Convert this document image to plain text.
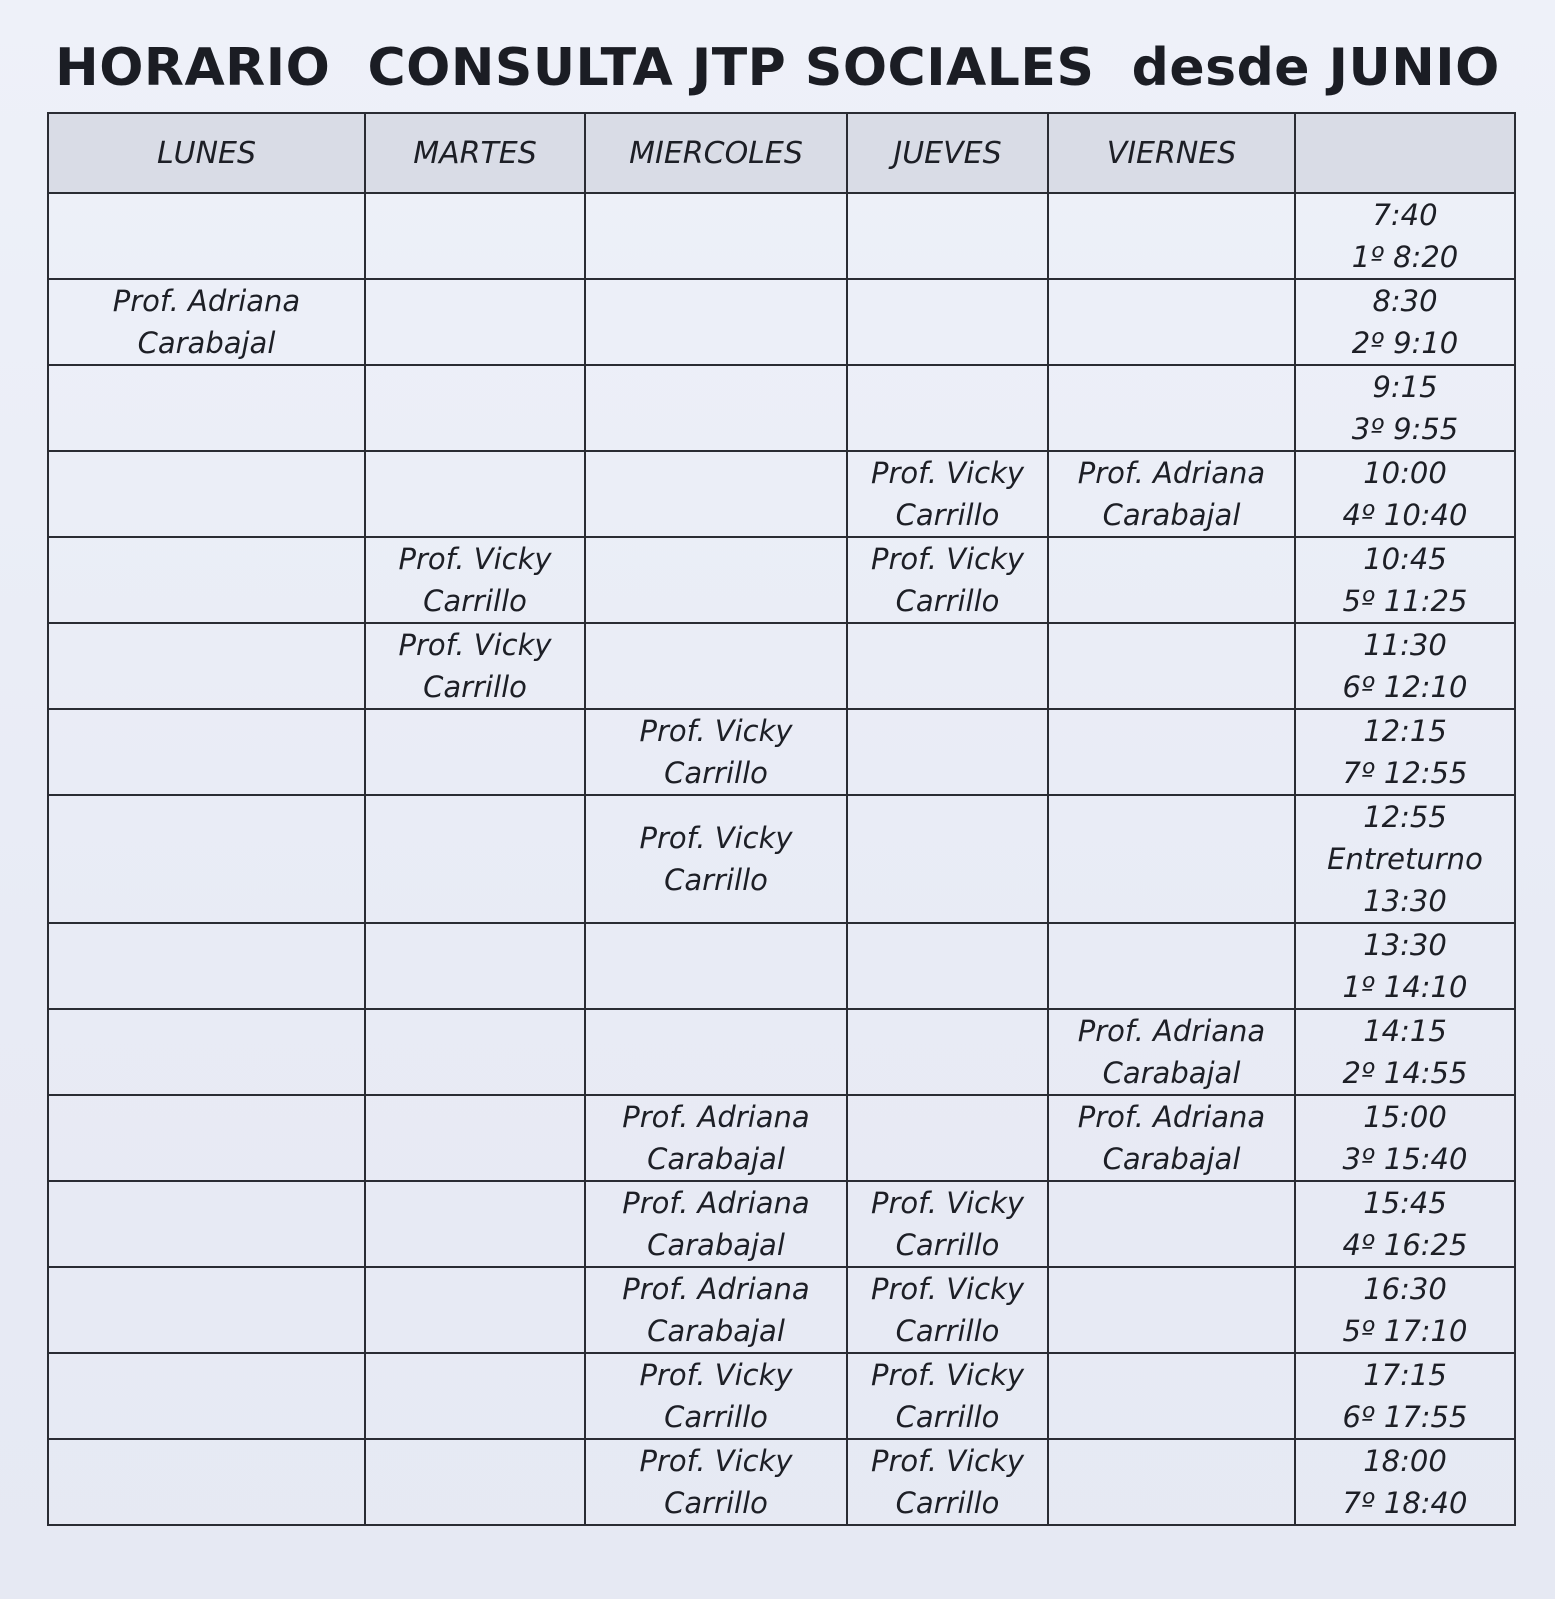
HORARIO  CONSULTA JTP SOCIALES  desde JUNIO
LUNES	MARTES	MIERCOLES	JUEVES	VIERNES	

					7:40
1º 8:20

Prof. Adriana
Carabajal					8:30
2º 9:10

					9:15
3º 9:55

			Prof. Vicky
Carrillo	Prof. Adriana
Carabajal	10:00
4º 10:40

	Prof. Vicky
Carrillo		Prof. Vicky
Carrillo		10:45
5º 11:25

	Prof. Vicky
Carrillo				11:30
6º 12:10

		Prof. Vicky
Carrillo			12:15
7º 12:55

		Prof. Vicky
Carrillo			12:55
Entreturno
13:30

					13:30
1º 14:10

				Prof. Adriana
Carabajal	14:15
2º 14:55

		Prof. Adriana
Carabajal		Prof. Adriana
Carabajal	15:00
3º 15:40

		Prof. Adriana
Carabajal	Prof. Vicky
Carrillo		15:45
4º 16:25

		Prof. Adriana
Carabajal	Prof. Vicky
Carrillo		16:30
5º 17:10

		Prof. Vicky
Carrillo	Prof. Vicky
Carrillo		17:15
6º 17:55

		Prof. Vicky
Carrillo	Prof. Vicky
Carrillo		18:00
7º 18:40
